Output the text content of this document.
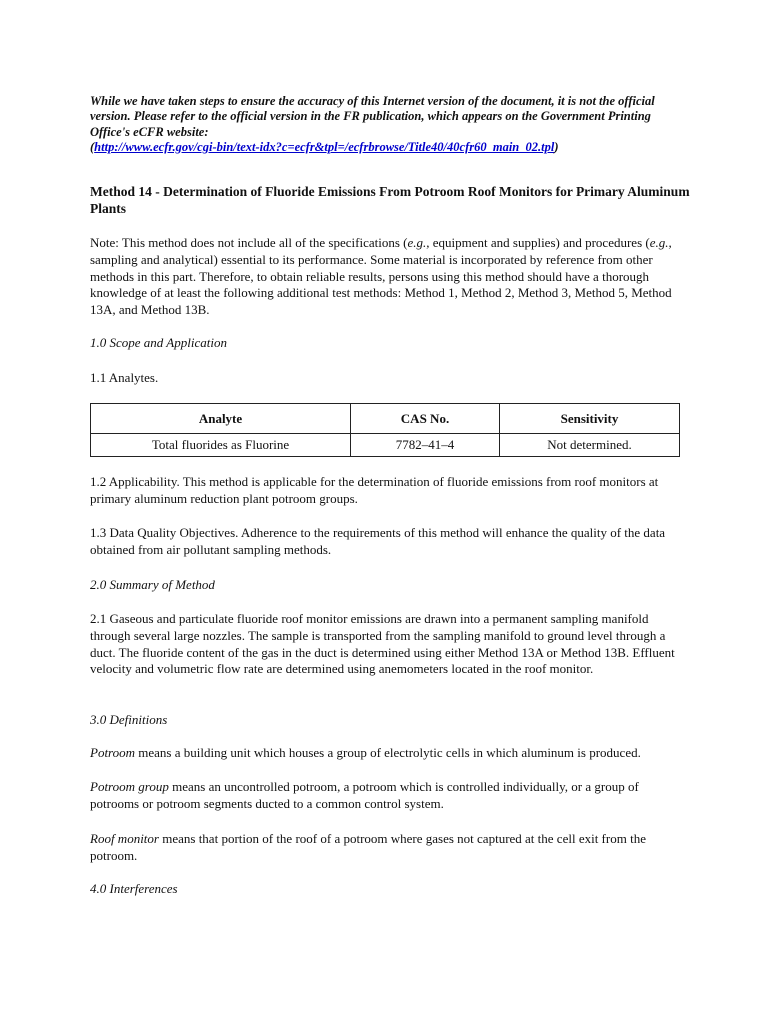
While we have taken steps to ensure the accuracy of this Internet version of the document, it is not the official version. Please refer to the official version in the FR publication, which appears on the Government Printing Office's eCFR website:
(http://www.ecfr.gov/cgi-bin/text-idx?c=ecfr&tpl=/ecfrbrowse/Title40/40cfr60_main_02.tpl)
Method 14 - Determination of Fluoride Emissions From Potroom Roof Monitors for Primary Aluminum Plants
Note: This method does not include all of the specifications (e.g., equipment and supplies) and procedures (e.g., sampling and analytical) essential to its performance. Some material is incorporated by reference from other methods in this part. Therefore, to obtain reliable results, persons using this method should have a thorough knowledge of at least the following additional test methods: Method 1, Method 2, Method 3, Method 5, Method 13A, and Method 13B.
1.0 Scope and Application
1.1 Analytes.
Analyte	CAS No.	Sensitivity
Total fluorides as Fluorine	7782–41–4	Not determined.
1.2 Applicability. This method is applicable for the determination of fluoride emissions from roof monitors at primary aluminum reduction plant potroom groups.
1.3 Data Quality Objectives. Adherence to the requirements of this method will enhance the quality of the data obtained from air pollutant sampling methods.
2.0 Summary of Method
2.1 Gaseous and particulate fluoride roof monitor emissions are drawn into a permanent sampling manifold through several large nozzles. The sample is transported from the sampling manifold to ground level through a duct. The fluoride content of the gas in the duct is determined using either Method 13A or Method 13B. Effluent velocity and volumetric flow rate are determined using anemometers located in the roof monitor.
3.0 Definitions
Potroom means a building unit which houses a group of electrolytic cells in which aluminum is produced.
Potroom group means an uncontrolled potroom, a potroom which is controlled individually, or a group of potrooms or potroom segments ducted to a common control system.
Roof monitor means that portion of the roof of a potroom where gases not captured at the cell exit from the potroom.
4.0 Interferences
